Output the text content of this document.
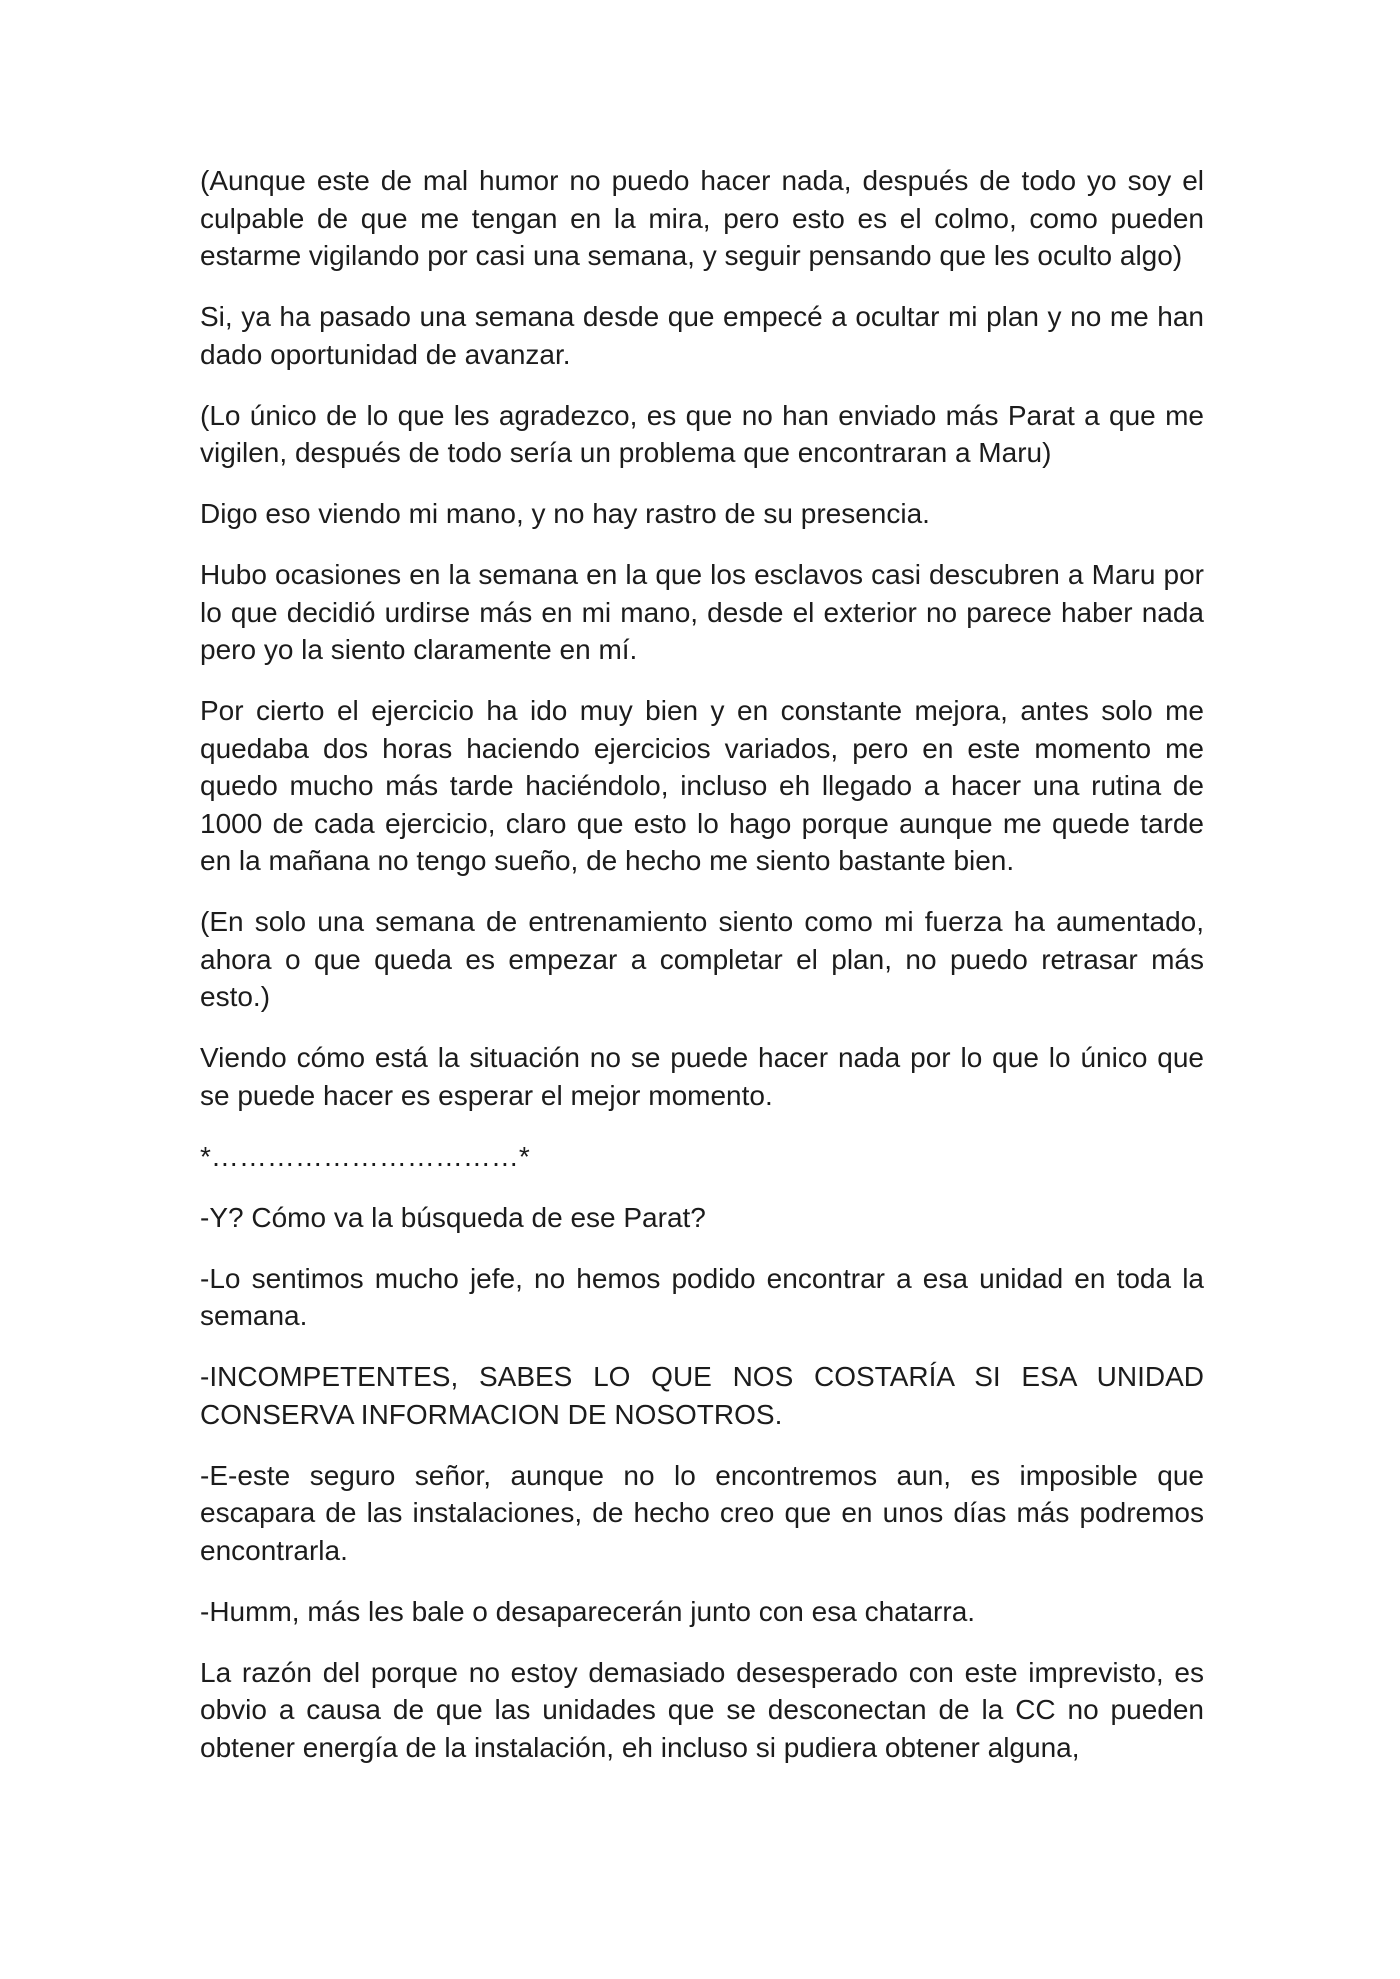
(Aunque este de mal humor no puedo hacer nada, después de todo yo soy el culpable de que me tengan en la mira, pero esto es el colmo, como pueden estarme vigilando por casi una semana, y seguir pensando que les oculto algo)

Si, ya ha pasado una semana desde que empecé a ocultar mi plan y no me han dado oportunidad de avanzar.

(Lo único de lo que les agradezco, es que no han enviado más Parat a que me vigilen, después de todo sería un problema que encontraran a Maru)

Digo eso viendo mi mano, y no hay rastro de su presencia.

Hubo ocasiones en la semana en la que los esclavos casi descubren a Maru por lo que decidió urdirse más en mi mano, desde el exterior no parece haber nada pero yo la siento claramente en mí.

Por cierto el ejercicio ha ido muy bien y en constante mejora, antes solo me quedaba dos horas haciendo ejercicios variados, pero en este momento me quedo mucho más tarde haciéndolo, incluso eh llegado a hacer una rutina de 1000 de cada ejercicio, claro que esto lo hago porque aunque me quede tarde en la mañana no tengo sueño, de hecho me siento bastante bien.

(En solo una semana de entrenamiento siento como mi fuerza ha aumentado, ahora o que queda es empezar a completar el plan, no puedo retrasar más esto.)

Viendo cómo está la situación no se puede hacer nada por lo que lo único que se puede hacer es esperar el mejor momento.

*……………………………*

-Y? Cómo va la búsqueda de ese Parat?

-Lo sentimos mucho jefe, no hemos podido encontrar a esa unidad en toda la semana.

-INCOMPETENTES, SABES LO QUE NOS COSTARÍA SI ESA UNIDAD CONSERVA INFORMACION DE NOSOTROS.

-E-este seguro señor, aunque no lo encontremos aun, es imposible que escapara de las instalaciones, de hecho creo que en unos días más podremos encontrarla.

-Humm, más les bale o desaparecerán junto con esa chatarra.

La razón del porque no estoy demasiado desesperado con este imprevisto, es obvio a causa de que las unidades que se desconectan de la CC no pueden obtener energía de la instalación, eh incluso si pudiera obtener alguna,
